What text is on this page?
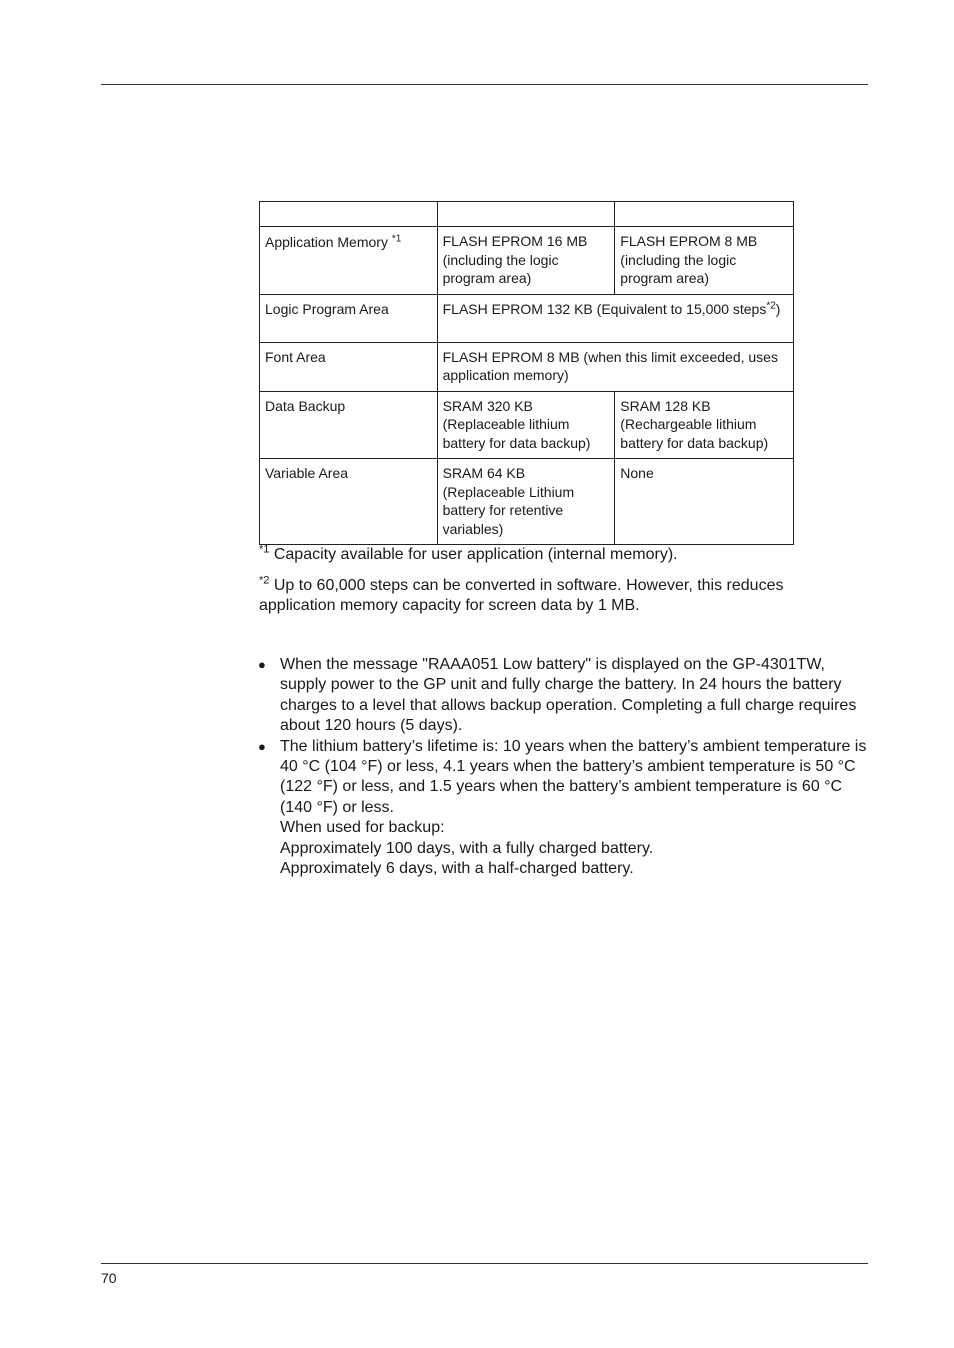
Application Memory $^{*1}$	FLASH EPROM 16 MB (including the logic program area)	FLASH EPROM 8 MB (including the logic program area)
Logic Program Area	FLASH EPROM 132 KB (Equivalent to 15,000 steps$^{*2}$)	
Font Area	FLASH EPROM 8 MB (when this limit exceeded, uses application memory)	
Data Backup	SRAM 320 KB (Replaceable lithium battery for data backup)	SRAM 128 KB (Rechargeable lithium battery for data backup)
Variable Area	SRAM 64 KB (Replaceable Lithium battery for retentive variables)	None

$^{*1}$ Capacity available for user application (internal memory).

$^{*2}$ Up to 60,000 steps can be converted in software. However, this reduces application memory capacity for screen data by 1 MB.

● When the message "RAAA051 Low battery" is displayed on the GP-4301TW, supply power to the GP unit and fully charge the battery. In 24 hours the battery charges to a level that allows backup operation. Completing a full charge requires about 120 hours (5 days).

● The lithium battery’s lifetime is: 10 years when the battery’s ambient temperature is 40 °C (104 °F) or less, 4.1 years when the battery’s ambient temperature is 50 °C (122 °F) or less, and 1.5 years when the battery’s ambient temperature is 60 °C (140 °F) or less.

When used for backup:

Approximately 100 days, with a fully charged battery.

Approximately 6 days, with a half-charged battery.

70
